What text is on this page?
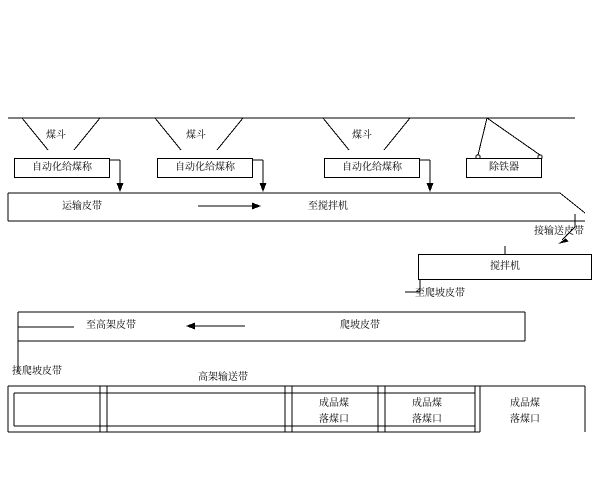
煤斗	煤斗	煤斗
自动化给煤称	自动化给煤称	自动化给煤称	除铁器
运输皮带	至搅拌机
接输送皮带
搅拌机
至爬坡皮带
至高架皮带	爬坡皮带
接爬坡皮带
高架输送带
成品煤
落煤口
成品煤
落煤口
成品煤
落煤口
